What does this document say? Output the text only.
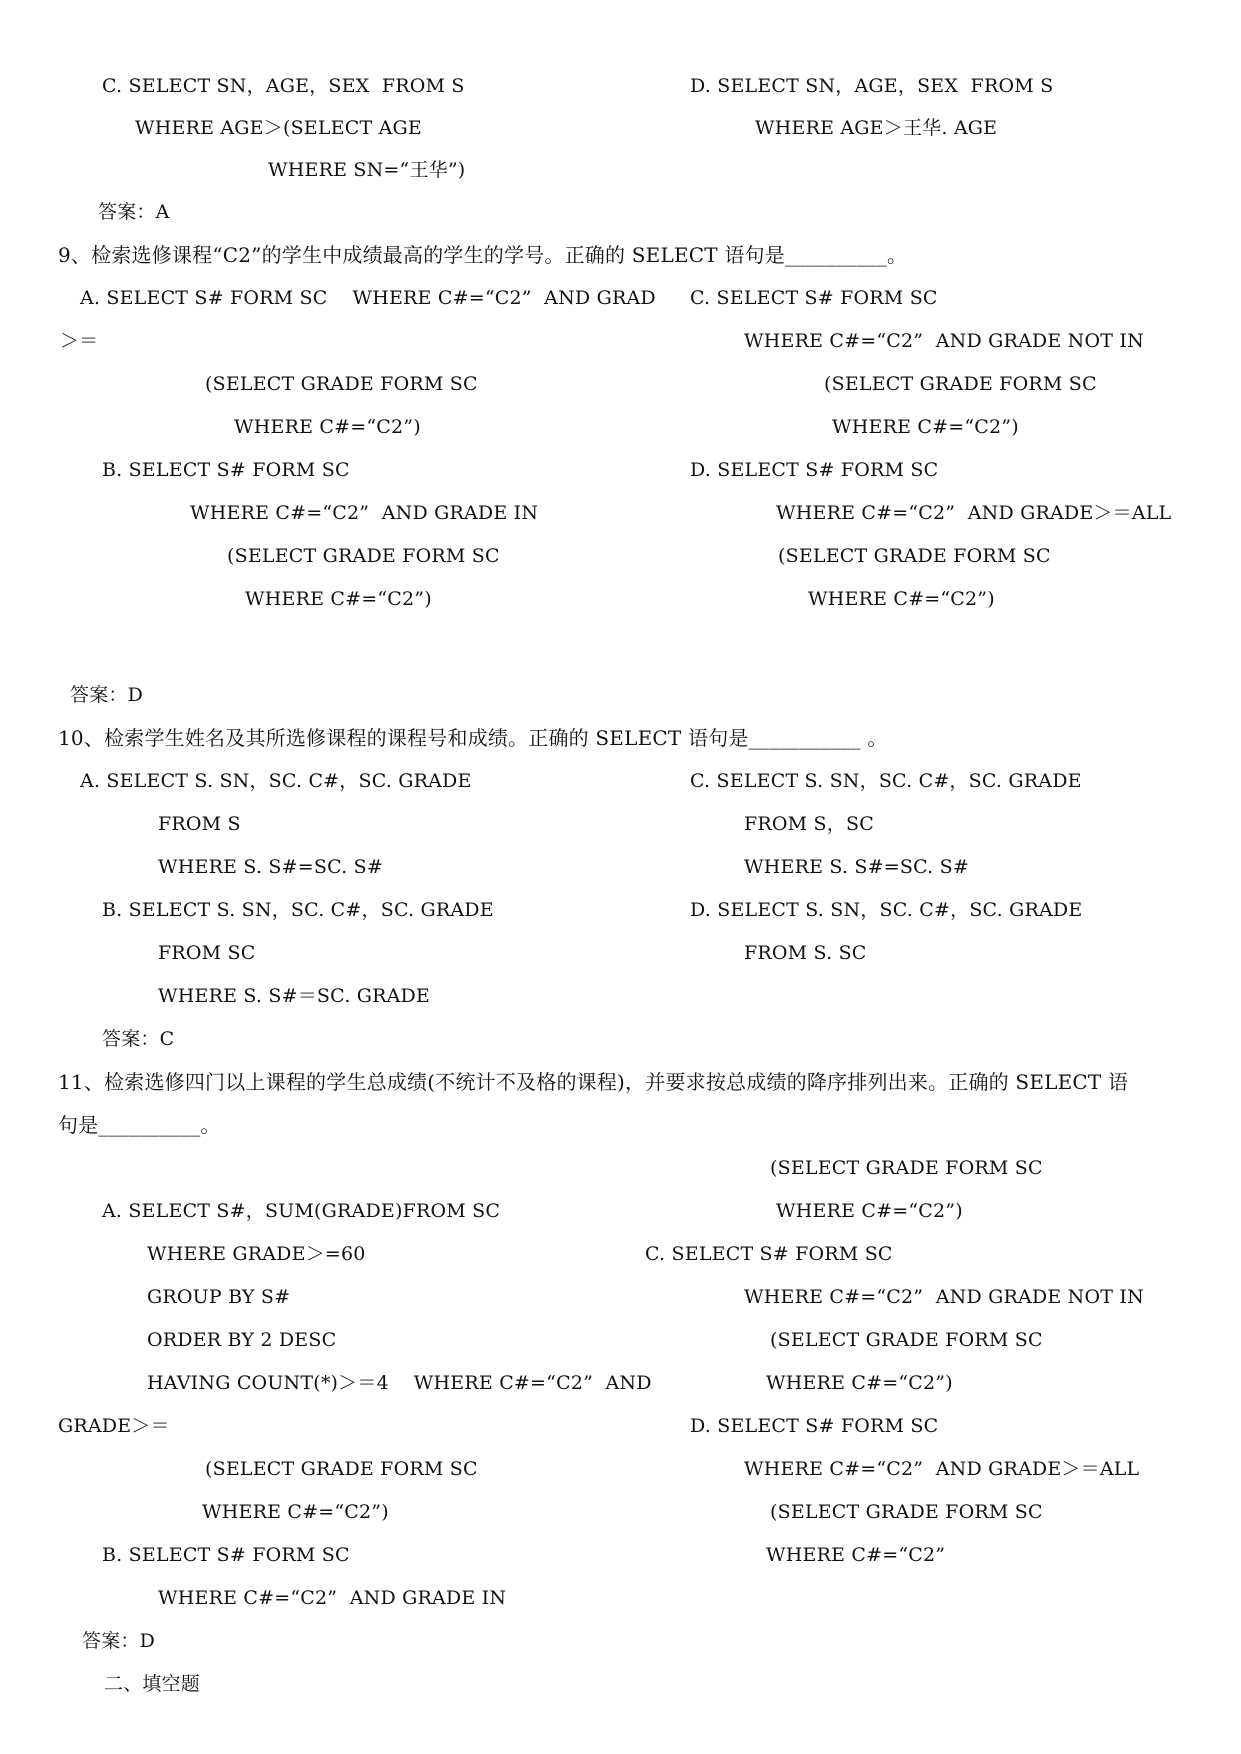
C. SELECT SN，AGE，SEX  FROM S	D. SELECT SN，AGE，SEX  FROM S

WHERE AGE＞(SELECT AGE	WHERE AGE＞王华. AGE

WHERE SN=“王华”)

答案：A

9、检索选修课程“C2”的学生中成绩最高的学生的学号。正确的 SELECT 语句是__________。

A. SELECT S# FORM SC    WHERE C#=“C2”  AND GRAD C. SELECT S# FORM SC

＞＝	WHERE C#=“C2”  AND GRADE NOT IN

(SELECT GRADE FORM SC	(SELECT GRADE FORM SC

WHERE C#=“C2”)	WHERE C#=“C2”)

B. SELECT S# FORM SC	D. SELECT S# FORM SC

WHERE C#=“C2”  AND GRADE IN	WHERE C#=“C2”  AND GRADE＞＝ALL

(SELECT GRADE FORM SC	(SELECT GRADE FORM SC

WHERE C#=“C2”)	WHERE C#=“C2”)

答案：D

10、检索学生姓名及其所选修课程的课程号和成绩。正确的 SELECT 语句是___________ 。

A. SELECT S. SN，SC. C#，SC. GRADE	C. SELECT S. SN，SC. C#，SC. GRADE

FROM S	FROM S，SC

WHERE S. S#=SC. S#	WHERE S. S#=SC. S#

B. SELECT S. SN，SC. C#，SC. GRADE	D. SELECT S. SN，SC. C#，SC. GRADE

FROM SC	FROM S. SC

WHERE S. S#＝SC. GRADE

答案：C

11、检索选修四门以上课程的学生总成绩(不统计不及格的课程)，并要求按总成绩的降序排列出来。正确的 SELECT 语

句是__________。

(SELECT GRADE FORM SC

A. SELECT S#，SUM(GRADE)FROM SC	WHERE C#=“C2”)

WHERE GRADE＞=60	C. SELECT S# FORM SC

GROUP BY S#	WHERE C#=“C2”  AND GRADE NOT IN

ORDER BY 2 DESC	(SELECT GRADE FORM SC

HAVING COUNT(*)＞＝4    WHERE C#=“C2”  AND	WHERE C#=“C2”)

GRADE＞＝	D. SELECT S# FORM SC

(SELECT GRADE FORM SC	WHERE C#=“C2”  AND GRADE＞＝ALL

WHERE C#=“C2”)	(SELECT GRADE FORM SC

B. SELECT S# FORM SC	WHERE C#=“C2”

WHERE C#=“C2”  AND GRADE IN

答案：D

二、填空题
